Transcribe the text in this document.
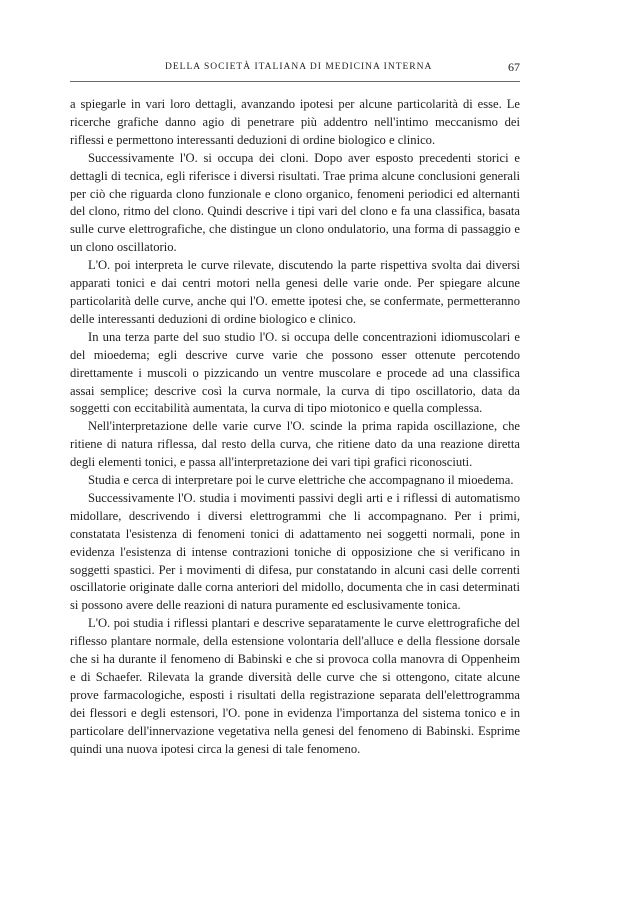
DELLA SOCIETÀ ITALIANA DI MEDICINA INTERNA	67

a spiegarle in vari loro dettagli, avanzando ipotesi per alcune particolarità di esse. Le ricerche grafiche danno agio di penetrare più addentro nell'intimo meccanismo dei riflessi e permettono interessanti deduzioni di ordine biologico e clinico.

Successivamente l'O. si occupa dei cloni. Dopo aver esposto precedenti storici e dettagli di tecnica, egli riferisce i diversi risultati. Trae prima alcune conclusioni generali per ciò che riguarda clono funzionale e clono organico, fenomeni periodici ed alternanti del clono, ritmo del clono. Quindi descrive i tipi vari del clono e fa una classifica, basata sulle curve elettrografiche, che distingue un clono ondulatorio, una forma di passaggio e un clono oscillatorio.

L'O. poi interpreta le curve rilevate, discutendo la parte rispettiva svolta dai diversi apparati tonici e dai centri motori nella genesi delle varie onde. Per spiegare alcune particolarità delle curve, anche qui l'O. emette ipotesi che, se confermate, permetteranno delle interessanti deduzioni di ordine biologico e clinico.

In una terza parte del suo studio l'O. si occupa delle concentrazioni idiomuscolari e del mioedema; egli descrive curve varie che possono esser ottenute percotendo direttamente i muscoli o pizzicando un ventre muscolare e procede ad una classifica assai semplice; descrive così la curva normale, la curva di tipo oscillatorio, data da soggetti con eccitabilità aumentata, la curva di tipo miotonico e quella complessa.

Nell'interpretazione delle varie curve l'O. scinde la prima rapida oscillazione, che ritiene di natura riflessa, dal resto della curva, che ritiene dato da una reazione diretta degli elementi tonici, e passa all'interpretazione dei vari tipi grafici riconosciuti.

Studia e cerca di interpretare poi le curve elettriche che accompagnano il mioedema.

Successivamente l'O. studia i movimenti passivi degli arti e i riflessi di automatismo midollare, descrivendo i diversi elettrogrammi che li accompagnano. Per i primi, constatata l'esistenza di fenomeni tonici di adattamento nei soggetti normali, pone in evidenza l'esistenza di intense contrazioni toniche di opposizione che si verificano in soggetti spastici. Per i movimenti di difesa, pur constatando in alcuni casi delle correnti oscillatorie originate dalle corna anteriori del midollo, documenta che in casi determinati si possono avere delle reazioni di natura puramente ed esclusivamente tonica.

L'O. poi studia i riflessi plantari e descrive separatamente le curve elettrografiche del riflesso plantare normale, della estensione volontaria dell'alluce e della flessione dorsale che si ha durante il fenomeno di Babinski e che si provoca colla manovra di Oppenheim e di Schaefer. Rilevata la grande diversità delle curve che si ottengono, citate alcune prove farmacologiche, esposti i risultati della registrazione separata dell'elettrogramma dei flessori e degli estensori, l'O. pone in evidenza l'importanza del sistema tonico e in particolare dell'innervazione vegetativa nella genesi del fenomeno di Babinski. Esprime quindi una nuova ipotesi circa la genesi di tale fenomeno.
